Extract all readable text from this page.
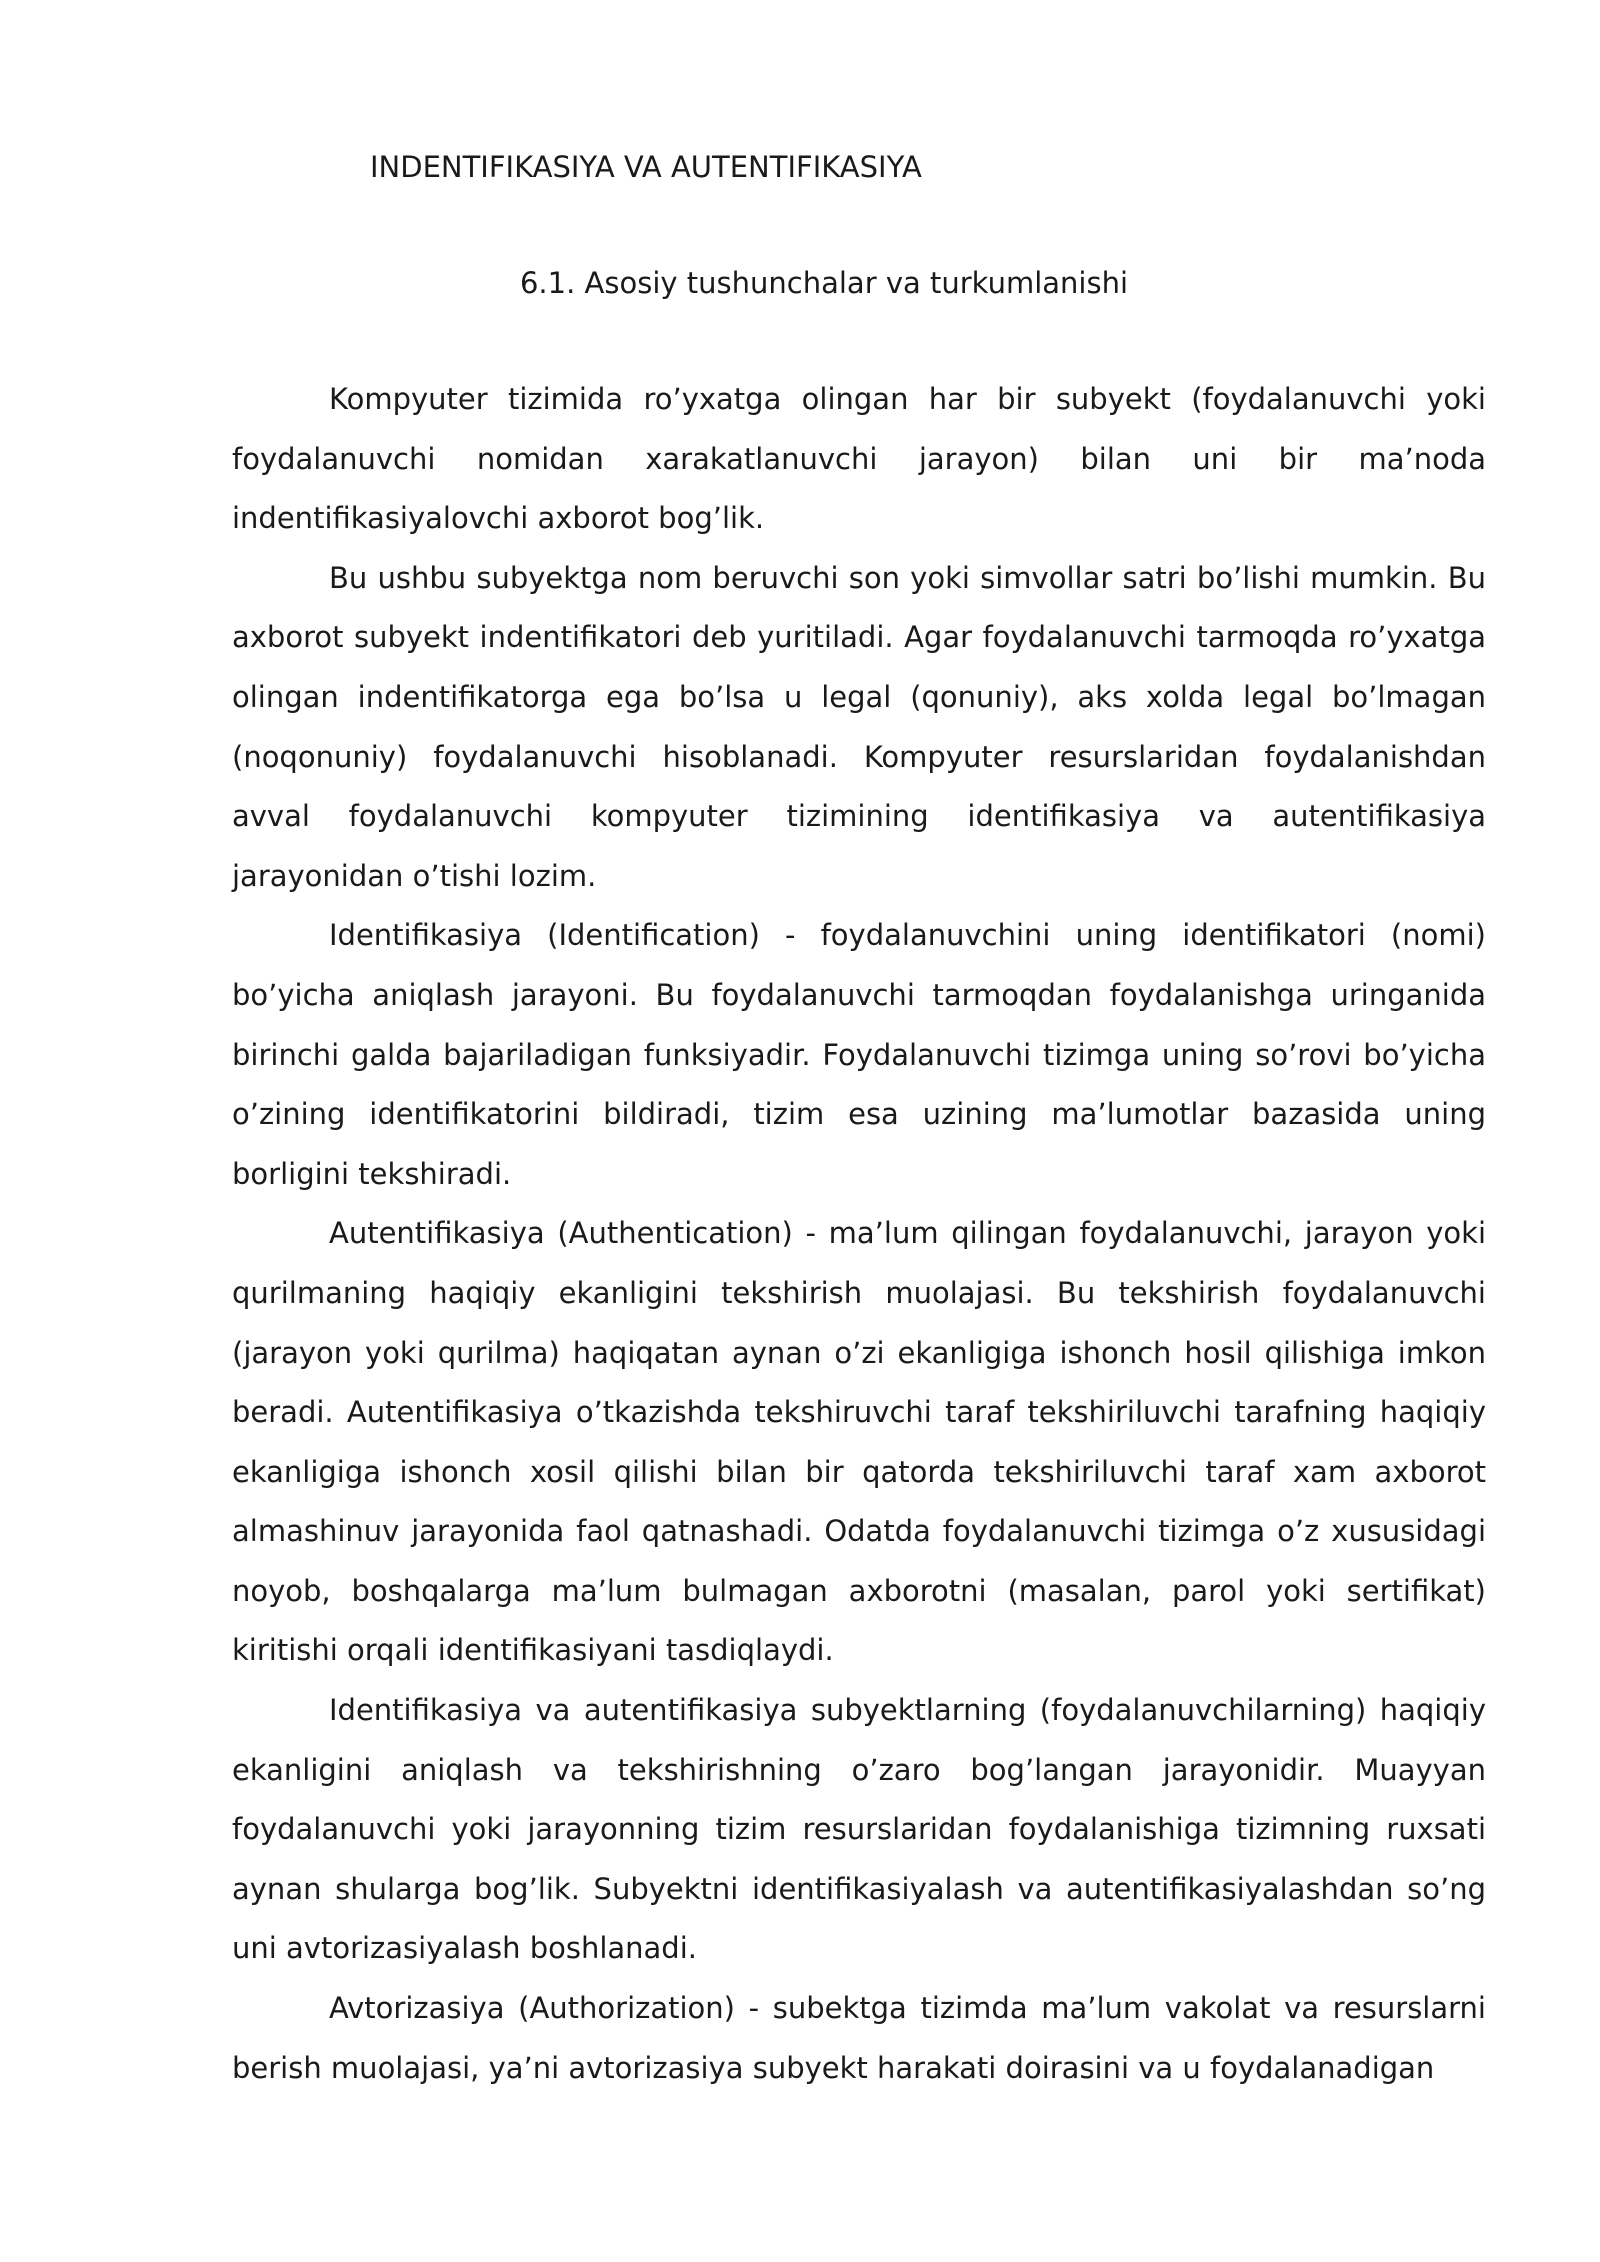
INDENTIFIKASIYA VA AUTENTIFIKASIYA
6.1. Asosiy tushunchalar va turkumlanishi

Kompyuter tizimida ro’yxatga olingan har bir subyekt (foydalanuvchi yoki foydalanuvchi nomidan xarakatlanuvchi jarayon) bilan uni bir ma’noda indentifikasiyalovchi axborot bog’lik.

Bu ushbu subyektga nom beruvchi son yoki simvollar satri bo’lishi mumkin. Bu axborot subyekt indentifikatori deb yuritiladi. Agar foydalanuvchi tarmoqda ro’yxatga olingan indentifikatorga ega bo’lsa u legal (qonuniy), aks xolda legal bo’lmagan (noqonuniy) foydalanuvchi hisoblanadi. Kompyuter resurslaridan foydalanishdan avval foydalanuvchi kompyuter tizimining identifikasiya va autentifikasiya jarayonidan o’tishi lozim.

Identifikasiya (Identification) - foydalanuvchini uning identifikatori (nomi) bo’yicha aniqlash jarayoni. Bu foydalanuvchi tarmoqdan foydalanishga uringanida birinchi galda bajariladigan funksiyadir. Foydalanuvchi tizimga uning so’rovi bo’yicha o’zining identifikatorini bildiradi, tizim esa uzining ma’lumotlar bazasida uning borligini tekshiradi.

Autentifikasiya (Authentication) - ma’lum qilingan foydalanuvchi, jarayon yoki qurilmaning haqiqiy ekanligini tekshirish muolajasi. Bu tekshirish foydalanuvchi (jarayon yoki qurilma) haqiqatan aynan o’zi ekanligiga ishonch hosil qilishiga imkon beradi. Autentifikasiya o’tkazishda tekshiruvchi taraf tekshiriluvchi tarafning haqiqiy ekanligiga ishonch xosil qilishi bilan bir qatorda tekshiriluvchi taraf xam axborot almashinuv jarayonida faol qatnashadi. Odatda foydalanuvchi tizimga o’z xususidagi noyob, boshqalarga ma’lum bulmagan axborotni (masalan, parol yoki sertifikat) kiritishi orqali identifikasiyani tasdiqlaydi.

Identifikasiya va autentifikasiya subyektlarning (foydalanuvchilarning) haqiqiy ekanligini aniqlash va tekshirishning o’zaro bog’langan jarayonidir. Muayyan foydalanuvchi yoki jarayonning tizim resurslaridan foydalanishiga tizimning ruxsati aynan shularga bog’lik. Subyektni identifikasiyalash va autentifikasiyalashdan so’ng uni avtorizasiyalash boshlanadi.

Avtorizasiya (Authorization) - subektga tizimda ma’lum vakolat va resurslarni berish muolajasi, ya’ni avtorizasiya subyekt harakati doirasini va u foydalanadigan
